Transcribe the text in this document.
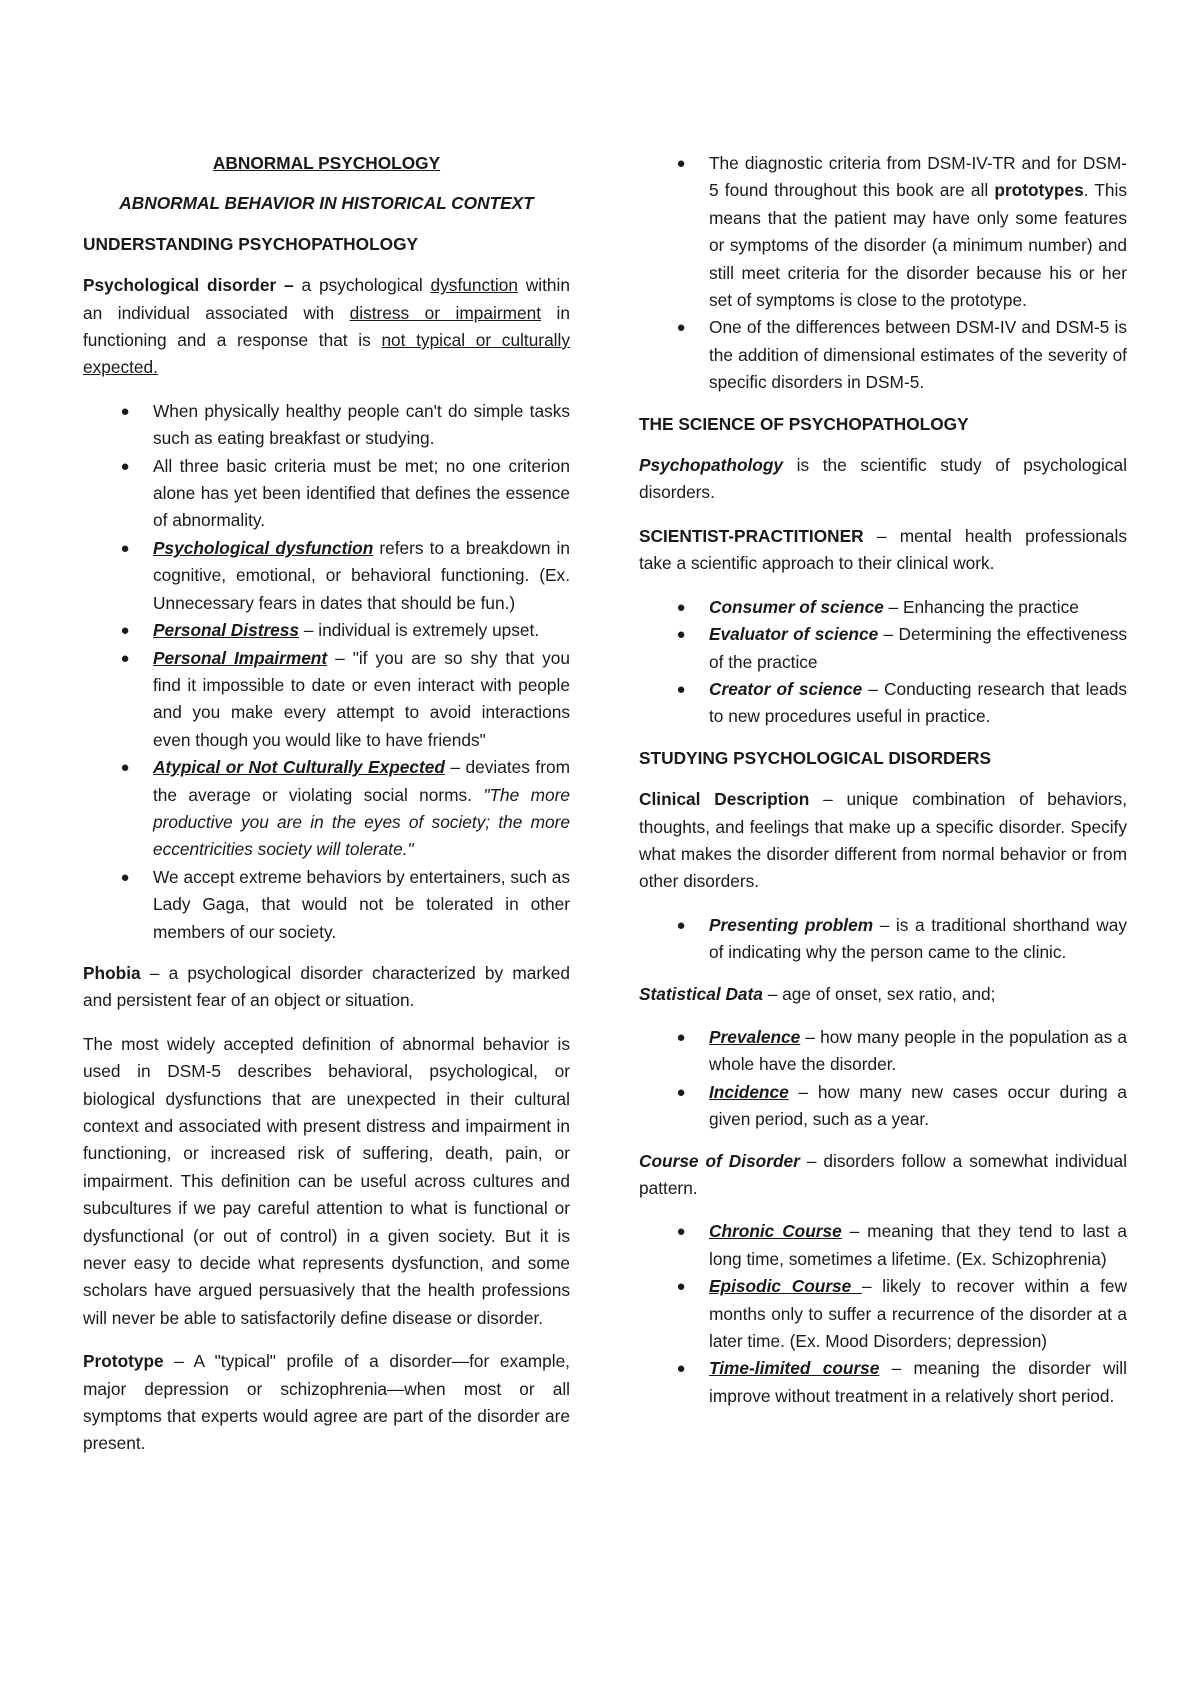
ABNORMAL PSYCHOLOGY

ABNORMAL BEHAVIOR IN HISTORICAL CONTEXT

UNDERSTANDING PSYCHOPATHOLOGY

Psychological disorder – a psychological dysfunction within an individual associated with distress or impairment in functioning and a response that is not typical or culturally expected.

● When physically healthy people can't do simple tasks such as eating breakfast or studying.
● All three basic criteria must be met; no one criterion alone has yet been identified that defines the essence of abnormality.
● Psychological dysfunction refers to a breakdown in cognitive, emotional, or behavioral functioning. (Ex. Unnecessary fears in dates that should be fun.)
● Personal Distress – individual is extremely upset.
● Personal Impairment – "if you are so shy that you find it impossible to date or even interact with people and you make every attempt to avoid interactions even though you would like to have friends"
● Atypical or Not Culturally Expected – deviates from the average or violating social norms. "The more productive you are in the eyes of society; the more eccentricities society will tolerate."
● We accept extreme behaviors by entertainers, such as Lady Gaga, that would not be tolerated in other members of our society.

Phobia – a psychological disorder characterized by marked and persistent fear of an object or situation.

The most widely accepted definition of abnormal behavior is used in DSM-5 describes behavioral, psychological, or biological dysfunctions that are unexpected in their cultural context and associated with present distress and impairment in functioning, or increased risk of suffering, death, pain, or impairment. This definition can be useful across cultures and subcultures if we pay careful attention to what is functional or dysfunctional (or out of control) in a given society. But it is never easy to decide what represents dysfunction, and some scholars have argued persuasively that the health professions will never be able to satisfactorily define disease or disorder.

Prototype – A "typical" profile of a disorder—for example, major depression or schizophrenia—when most or all symptoms that experts would agree are part of the disorder are present.

● The diagnostic criteria from DSM-IV-TR and for DSM-5 found throughout this book are all prototypes. This means that the patient may have only some features or symptoms of the disorder (a minimum number) and still meet criteria for the disorder because his or her set of symptoms is close to the prototype.
● One of the differences between DSM-IV and DSM-5 is the addition of dimensional estimates of the severity of specific disorders in DSM-5.

THE SCIENCE OF PSYCHOPATHOLOGY

Psychopathology is the scientific study of psychological disorders.

SCIENTIST-PRACTITIONER – mental health professionals take a scientific approach to their clinical work.

● Consumer of science – Enhancing the practice
● Evaluator of science – Determining the effectiveness of the practice
● Creator of science – Conducting research that leads to new procedures useful in practice.

STUDYING PSYCHOLOGICAL DISORDERS

Clinical Description – unique combination of behaviors, thoughts, and feelings that make up a specific disorder. Specify what makes the disorder different from normal behavior or from other disorders.

● Presenting problem – is a traditional shorthand way of indicating why the person came to the clinic.

Statistical Data – age of onset, sex ratio, and;

● Prevalence – how many people in the population as a whole have the disorder.
● Incidence – how many new cases occur during a given period, such as a year.

Course of Disorder – disorders follow a somewhat individual pattern.

● Chronic Course – meaning that they tend to last a long time, sometimes a lifetime. (Ex. Schizophrenia)
● Episodic Course – likely to recover within a few months only to suffer a recurrence of the disorder at a later time. (Ex. Mood Disorders; depression)
● Time-limited course – meaning the disorder will improve without treatment in a relatively short period.
